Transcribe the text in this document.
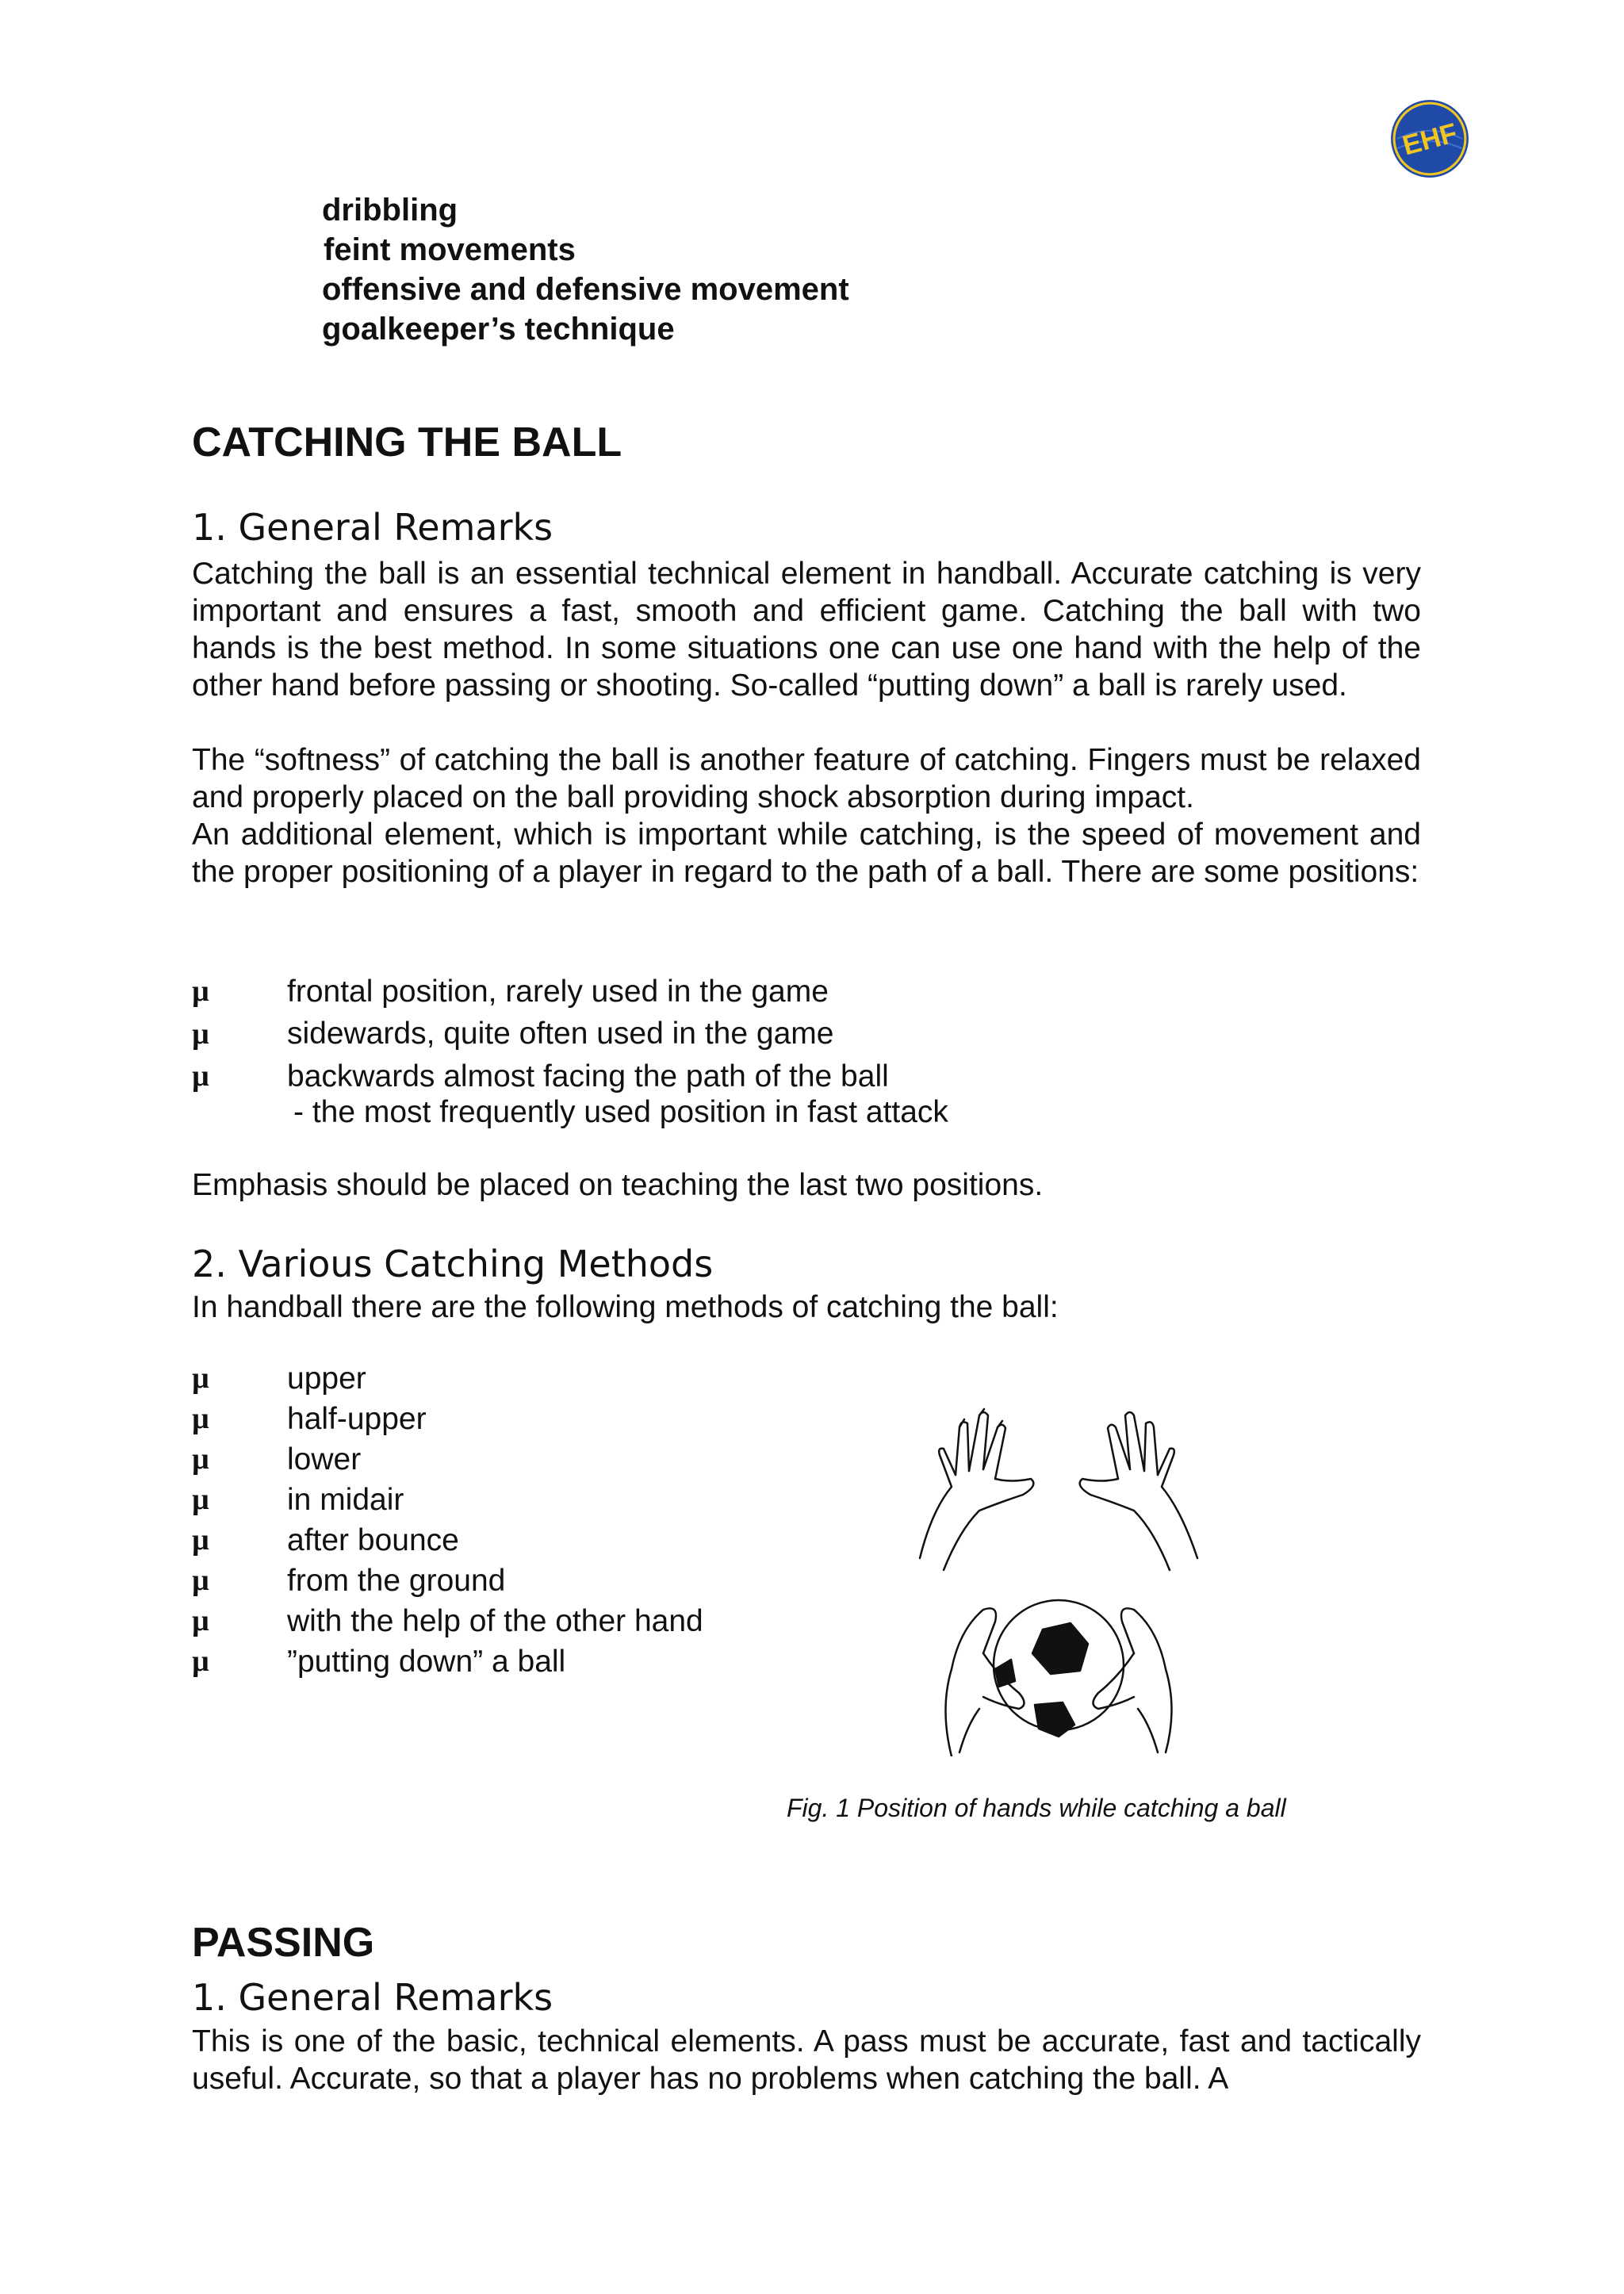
EHF
dribbling
feint movements
offensive and defensive movement
goalkeeper’s technique
CATCHING THE BALL
1. General Remarks

Catching the ball is an essential technical element in handball. Accurate catching is very important and ensures a fast, smooth and efficient game. Catching the ball with two hands is the best method. In some situations one can use one hand with the help of the other hand before passing or shooting. So-called “putting down” a ball is rarely used.

The “softness” of catching the ball is another feature of catching. Fingers must be relaxed and properly placed on the ball providing shock absorption during impact.

An additional element, which is important while catching, is the speed of movement and the proper positioning of a player in regard to the path of a ball. There are some positions:

µ	frontal position, rarely used in the game
µ	sidewards, quite often used in the game
µ	backwards almost facing the path of the ball
- the most frequently used position in fast attack

Emphasis should be placed on teaching the last two positions.

2. Various Catching Methods

In handball there are the following methods of catching the ball:

µ	upper
µ	half-upper
µ	lower
µ	in midair
µ	after bounce
µ	from the ground
µ	with the help of the other hand
µ	”putting down” a ball
Fig. 1 Position of hands while catching a ball
PASSING
1. General Remarks

This is one of the basic, technical elements. A pass must be accurate, fast and tactically useful. Accurate, so that a player has no problems when catching the ball. A
